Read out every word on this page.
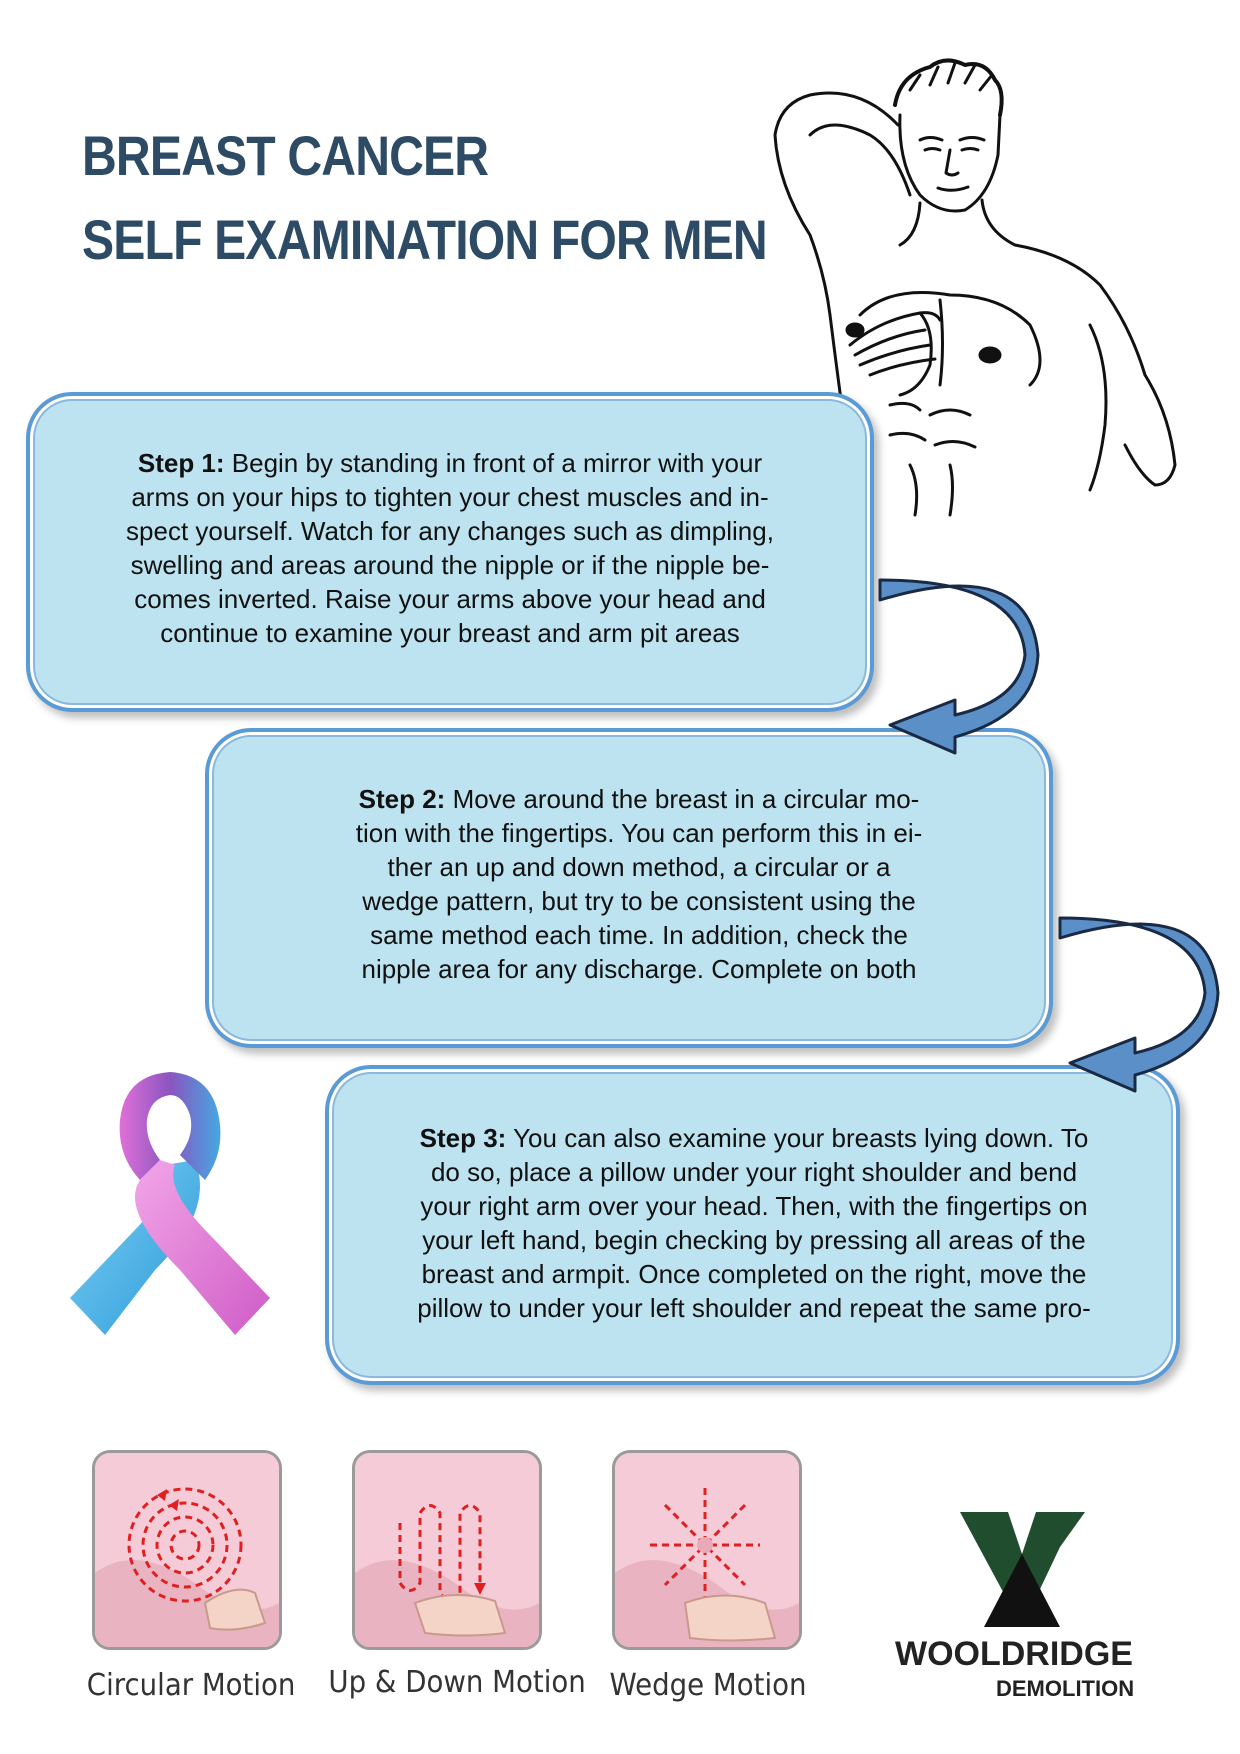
BREAST CANCER
SELF EXAMINATION FOR MEN
Step 1: Begin by standing in front of a mirror with your
arms on your hips to tighten your chest muscles and in-
spect yourself. Watch for any changes such as dimpling,
swelling and areas around the nipple or if the nipple be-
comes inverted. Raise your arms above your head and
continue to examine your breast and arm pit areas
Step 2: Move around the breast in a circular mo-
tion with the fingertips. You can perform this in ei-
ther an up and down method, a circular or a
wedge pattern, but try to be consistent using the
same method each time. In addition, check the
nipple area for any discharge. Complete on both
Step 3: You can also examine your breasts lying down. To
do so, place a pillow under your right shoulder and bend
your right arm over your head. Then, with the fingertips on
your left hand, begin checking by pressing all areas of the
breast and armpit. Once completed on the right, move the
pillow to under your left shoulder and repeat the same pro-
Circular Motion Up & Down Motion Wedge Motion
WOOLDRIDGE
DEMOLITION
